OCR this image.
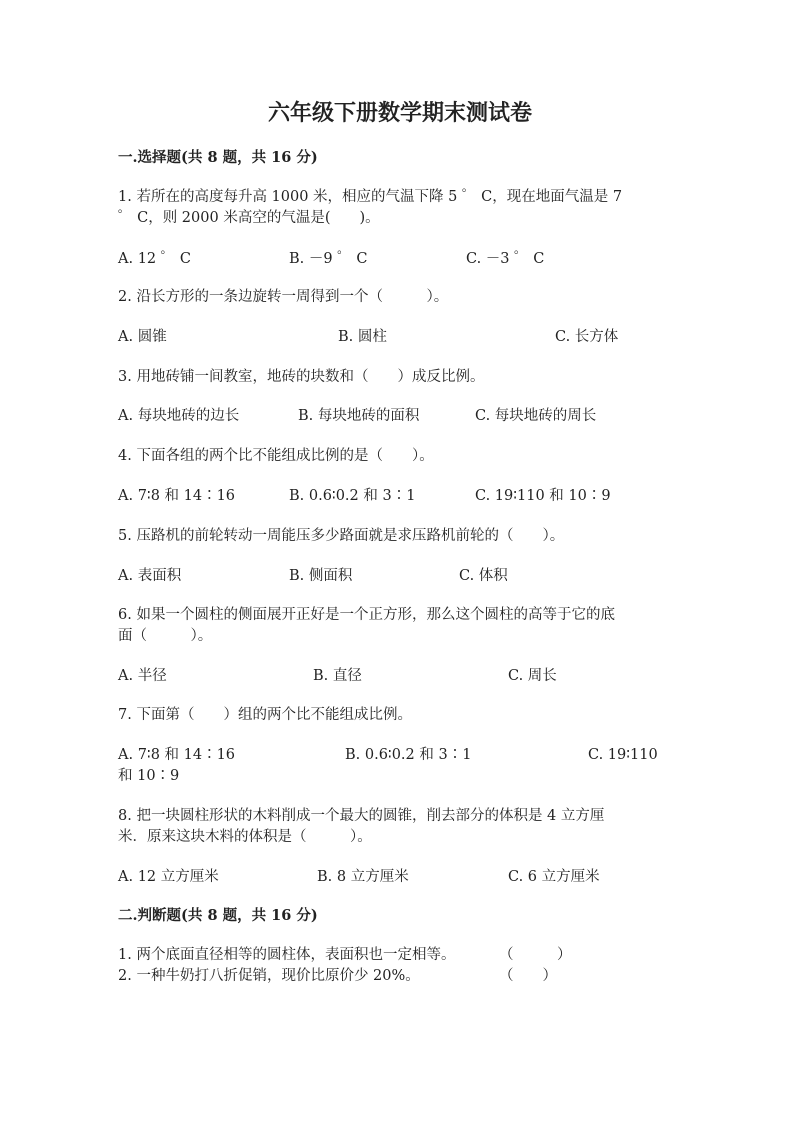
六年级下册数学期末测试卷
一.选择题(共 8 题，共 16 分)
1. 若所在的高度每升高 1000 米，相应的气温下降 5 ゜ C，现在地面气温是 7
゜ C，则 2000 米高空的气温是(　　)。
A. 12 ゜ C	B. －9 ゜ C	C. －3 ゜ C
2. 沿长方形的一条边旋转一周得到一个（　　　）。
A. 圆锥	B. 圆柱	C. 长方体
3. 用地砖铺一间教室，地砖的块数和（　　）成反比例。
A. 每块地砖的边长	B. 每块地砖的面积	C. 每块地砖的周长
4. 下面各组的两个比不能组成比例的是（　　）。
A. 7∶8 和 14∶16	B. 0.6∶0.2 和 3∶1	C. 19∶110 和 10∶9
5. 压路机的前轮转动一周能压多少路面就是求压路机前轮的（　　）。
A. 表面积	B. 侧面积	C. 体积
6. 如果一个圆柱的侧面展开正好是一个正方形，那么这个圆柱的高等于它的底
面（　　　）。
A. 半径	B. 直径	C. 周长
7. 下面第（　　）组的两个比不能组成比例。
A. 7∶8 和 14∶16	B. 0.6∶0.2 和 3∶1	C. 19∶110
和 10∶9
8. 把一块圆柱形状的木料削成一个最大的圆锥，削去部分的体积是 4 立方厘
米．原来这块木料的体积是（　　　）。
A. 12 立方厘米	B. 8 立方厘米	C. 6 立方厘米
二.判断题(共 8 题，共 16 分)
1. 两个底面直径相等的圆柱体，表面积也一定相等。	（　　　）
2. 一种牛奶打八折促销，现价比原价少 20%。	（　　）
